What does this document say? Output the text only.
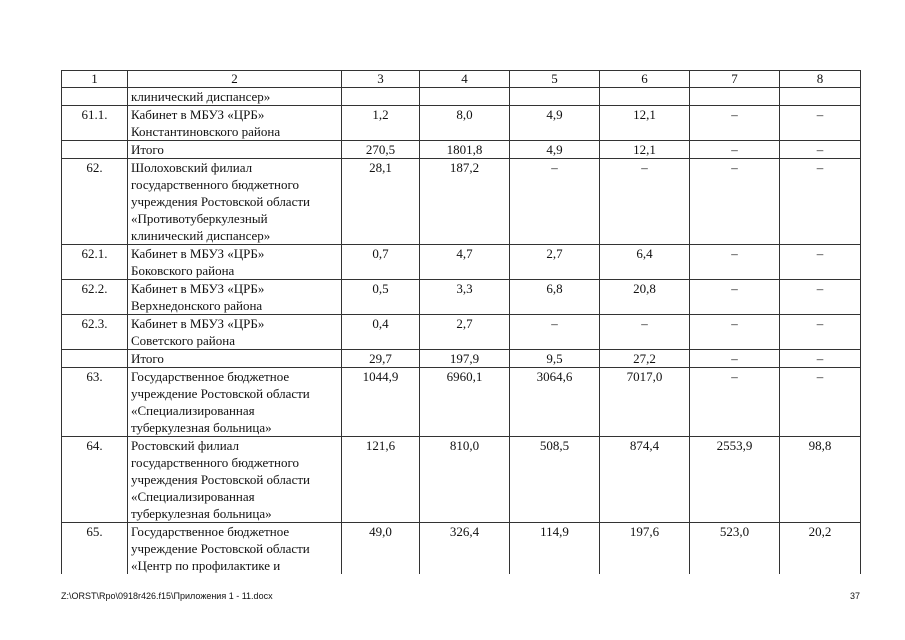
1	2	3	4	5	6	7	8

	клинический диспансер»						

61.1.	Кабинет в МБУЗ «ЦРБ»
Константиновского района	1,2	8,0	4,9	12,1	–	–

	Итого	270,5	1801,8	4,9	12,1	–	–
62.	Шолоховский филиал
государственного бюджетного
учреждения Ростовской области
«Противотуберкулезный
клинический диспансер»	28,1	187,2	–	–	–	–
62.1.	Кабинет в МБУЗ «ЦРБ»
Боковского района	0,7	4,7	2,7	6,4	–	–
62.2.	Кабинет в МБУЗ «ЦРБ»
Верхнедонского района	0,5	3,3	6,8	20,8	–	–
62.3.	Кабинет в МБУЗ «ЦРБ»
Советского района	0,4	2,7	–	–	–	–

	Итого	29,7	197,9	9,5	27,2	–	–
63.	Государственное бюджетное
учреждение Ростовской области
«Специализированная
туберкулезная больница»	1044,9	6960,1	3064,6	7017,0	–	–
64.	Ростовский филиал
государственного бюджетного
учреждения Ростовской области
«Специализированная
туберкулезная больница»	121,6	810,0	508,5	874,4	2553,9	98,8
65.	Государственное бюджетное
учреждение Ростовской области
«Центр по профилактике и	49,0	326,4	114,9	197,6	523,0	20,2
Z:\ORST\Rpo\0918r426.f15\Приложения 1 - 11.docx	37
